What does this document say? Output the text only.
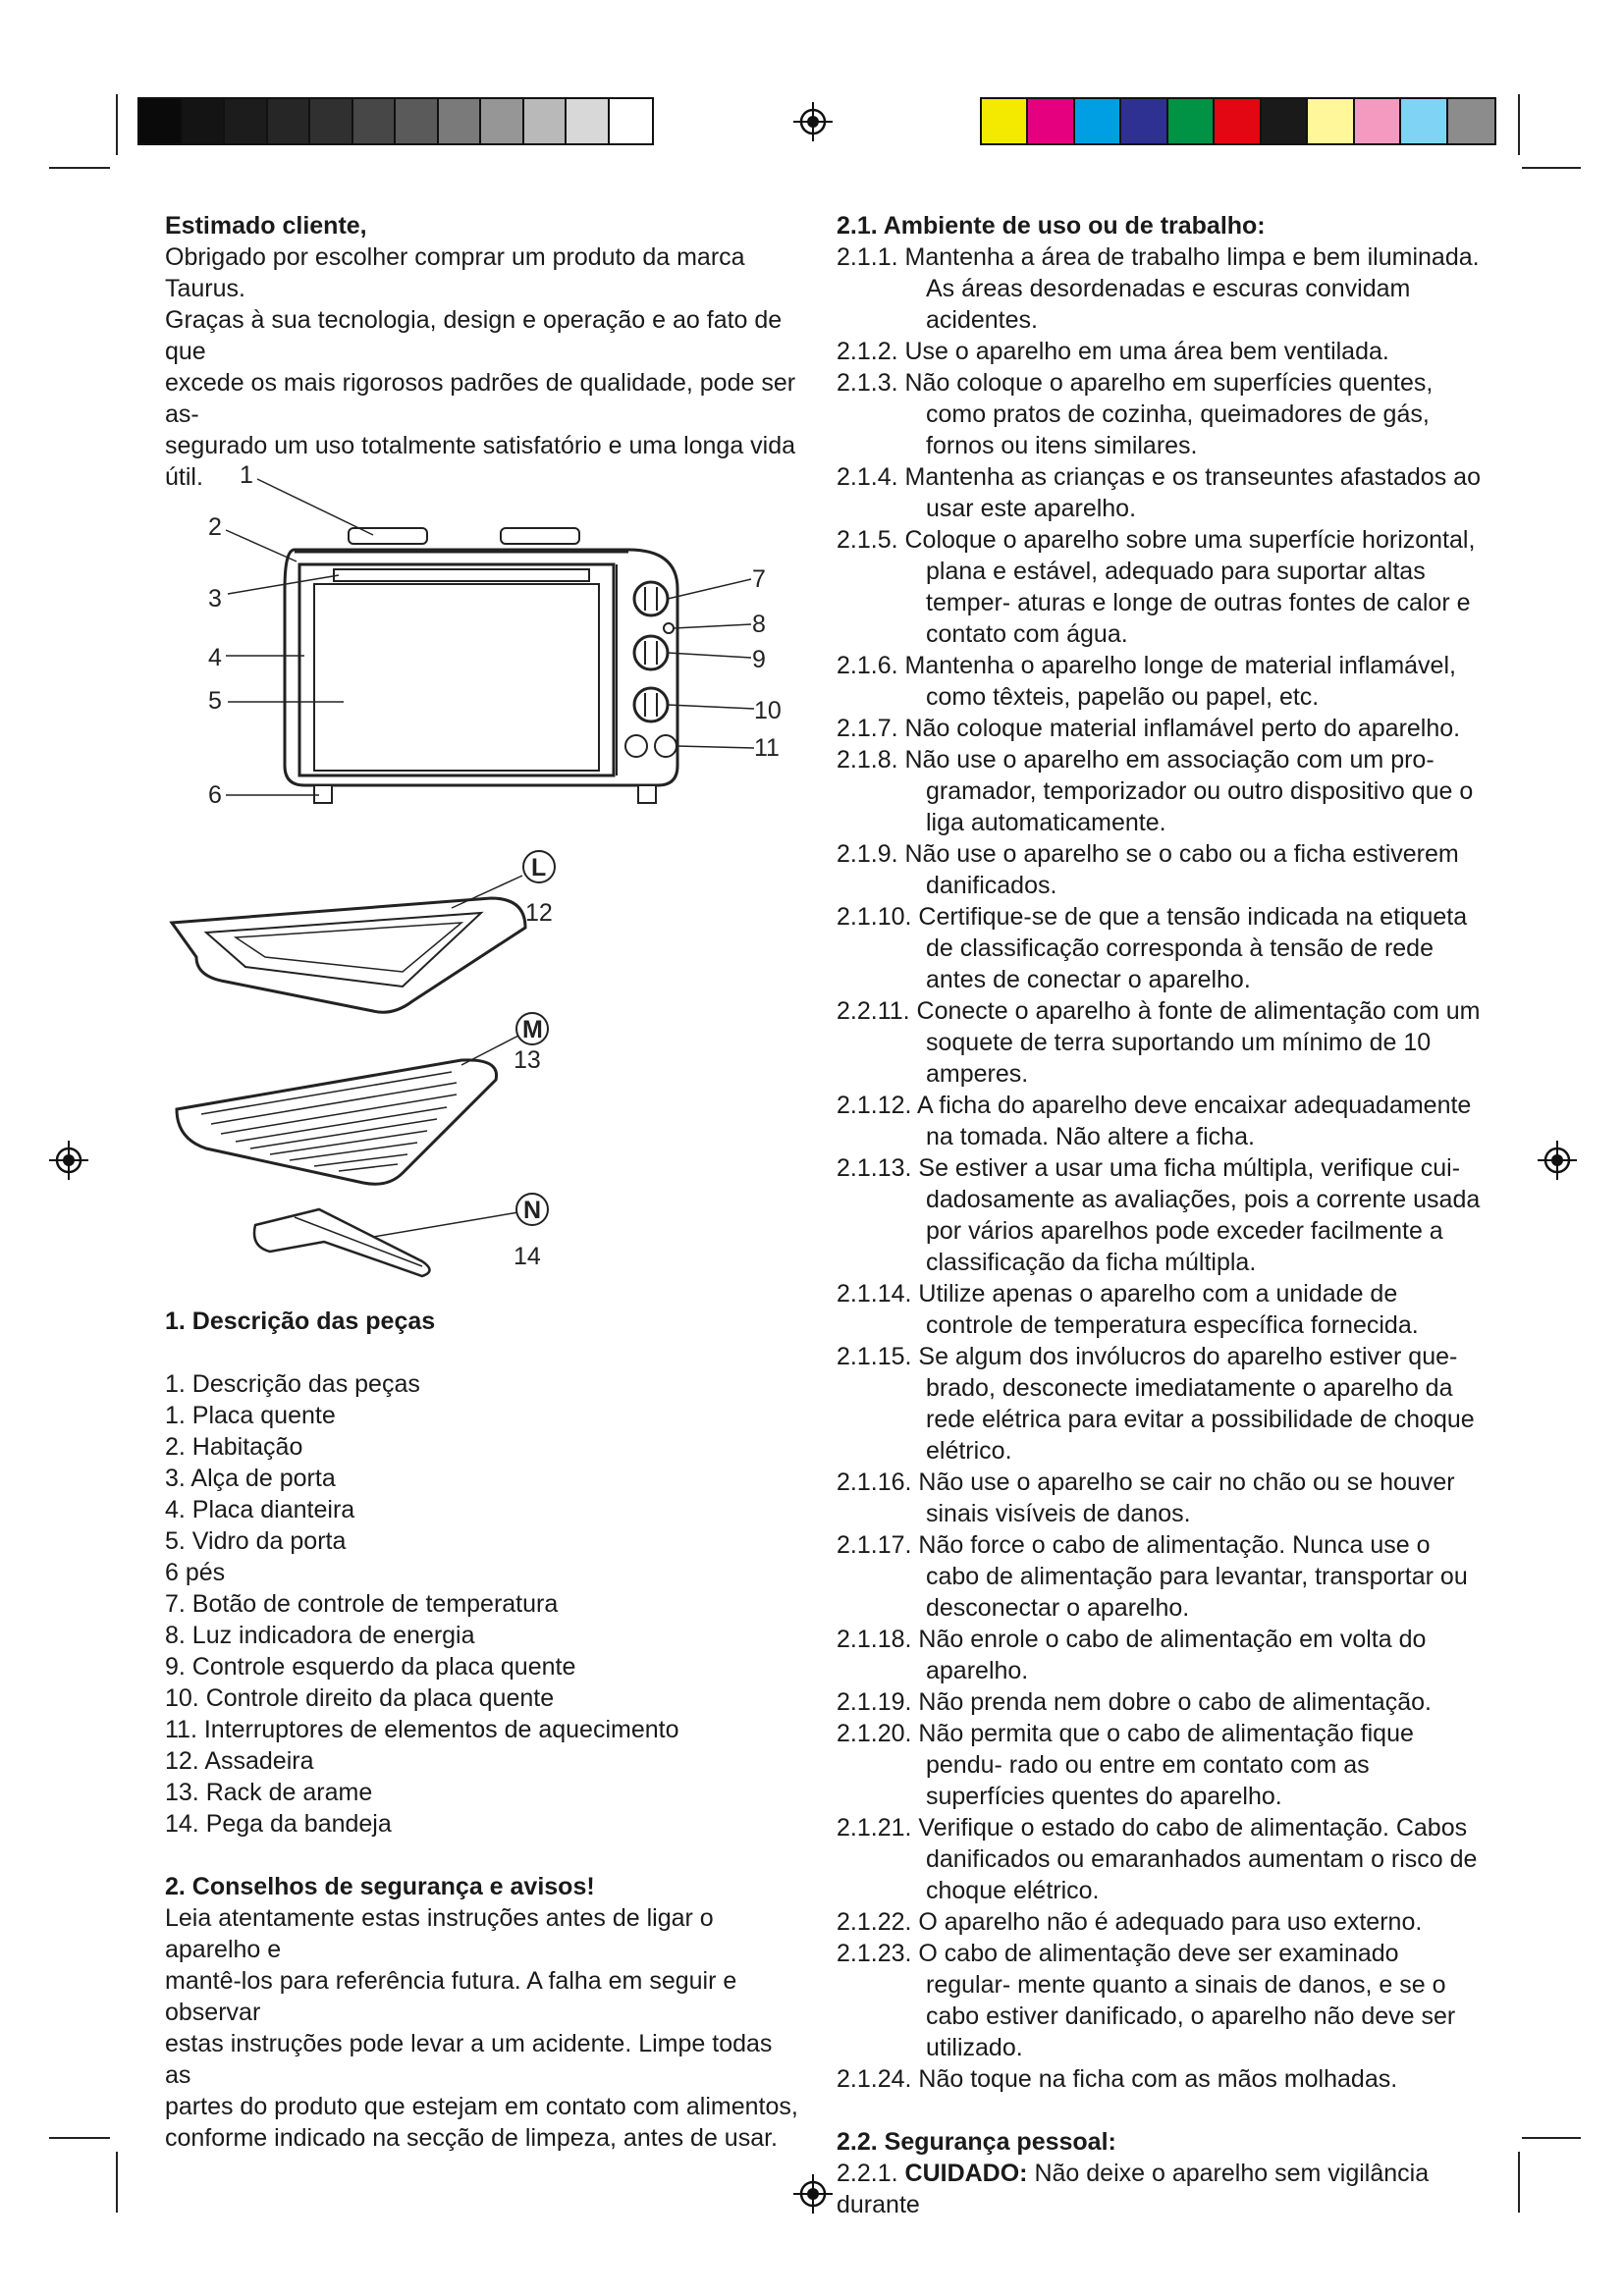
Estimado cliente,

Obrigado por escolher comprar um produto da marca Taurus.
Graças à sua tecnologia, design e operação e ao fato de que
excede os mais rigorosos padrões de qualidade, pode ser as-
segurado um uso totalmente satisfatório e uma longa vida útil.	1
2
3
4
5
6
7
8
9
10
11
L
12
M
13
N
14

1. Descrição das peças

1. Descrição das peças
1. Placa quente
2. Habitação
3. Alça de porta
4. Placa dianteira
5. Vidro da porta
6 pés
7. Botão de controle de temperatura
8. Luz indicadora de energia
9. Controle esquerdo da placa quente
10. Controle direito da placa quente
11. Interruptores de elementos de aquecimento
12. Assadeira
13. Rack de arame
14. Pega da bandeja

2. Conselhos de segurança e avisos!

Leia atentamente estas instruções antes de ligar o aparelho e
mantê-los para referência futura. A falha em seguir e observar
estas instruções pode levar a um acidente. Limpe todas as
partes do produto que estejam em contato com alimentos,
conforme indicado na secção de limpeza, antes de usar.

2.1. Ambiente de uso ou de trabalho:

2.1.1. Mantenha a área de trabalho limpa e bem iluminada. As áreas desordenadas e escuras convidam acidentes.

2.1.2. Use o aparelho em uma área bem ventilada.

2.1.3. Não coloque o aparelho em superfícies quentes, como pratos de cozinha, queimadores de gás, fornos ou itens similares.

2.1.4. Mantenha as crianças e os transeuntes afastados ao usar este aparelho.

2.1.5. Coloque o aparelho sobre uma superfície horizontal, plana e estável, adequado para suportar altas temper- aturas e longe de outras fontes de calor e contato com água.

2.1.6. Mantenha o aparelho longe de material inflamável, como têxteis, papelão ou papel, etc.

2.1.7. Não coloque material inflamável perto do aparelho.

2.1.8. Não use o aparelho em associação com um pro- gramador, temporizador ou outro dispositivo que o liga automaticamente.

2.1.9. Não use o aparelho se o cabo ou a ficha estiverem danificados.

2.1.10. Certifique-se de que a tensão indicada na etiqueta de classificação corresponda à tensão de rede antes de conectar o aparelho.

2.2.11. Conecte o aparelho à fonte de alimentação com um soquete de terra suportando um mínimo de 10 amperes.

2.1.12. A ficha do aparelho deve encaixar adequadamente na tomada. Não altere a ficha.

2.1.13. Se estiver a usar uma ficha múltipla, verifique cui- dadosamente as avaliações, pois a corrente usada por vários aparelhos pode exceder facilmente a classificação da ficha múltipla.

2.1.14. Utilize apenas o aparelho com a unidade de controle de temperatura específica fornecida.

2.1.15. Se algum dos invólucros do aparelho estiver que- brado, desconecte imediatamente o aparelho da rede elétrica para evitar a possibilidade de choque elétrico.

2.1.16. Não use o aparelho se cair no chão ou se houver sinais visíveis de danos.

2.1.17. Não force o cabo de alimentação. Nunca use o cabo de alimentação para levantar, transportar ou desconectar o aparelho.

2.1.18. Não enrole o cabo de alimentação em volta do aparelho.

2.1.19. Não prenda nem dobre o cabo de alimentação.

2.1.20. Não permita que o cabo de alimentação fique pendu- rado ou entre em contato com as superfícies quentes do aparelho.

2.1.21. Verifique o estado do cabo de alimentação. Cabos danificados ou emaranhados aumentam o risco de choque elétrico.

2.1.22. O aparelho não é adequado para uso externo.

2.1.23. O cabo de alimentação deve ser examinado regular- mente quanto a sinais de danos, e se o cabo estiver danificado, o aparelho não deve ser utilizado.

2.1.24. Não toque na ficha com as mãos molhadas.

2.2. Segurança pessoal:

2.2.1. CUIDADO: Não deixe o aparelho sem vigilância durante
